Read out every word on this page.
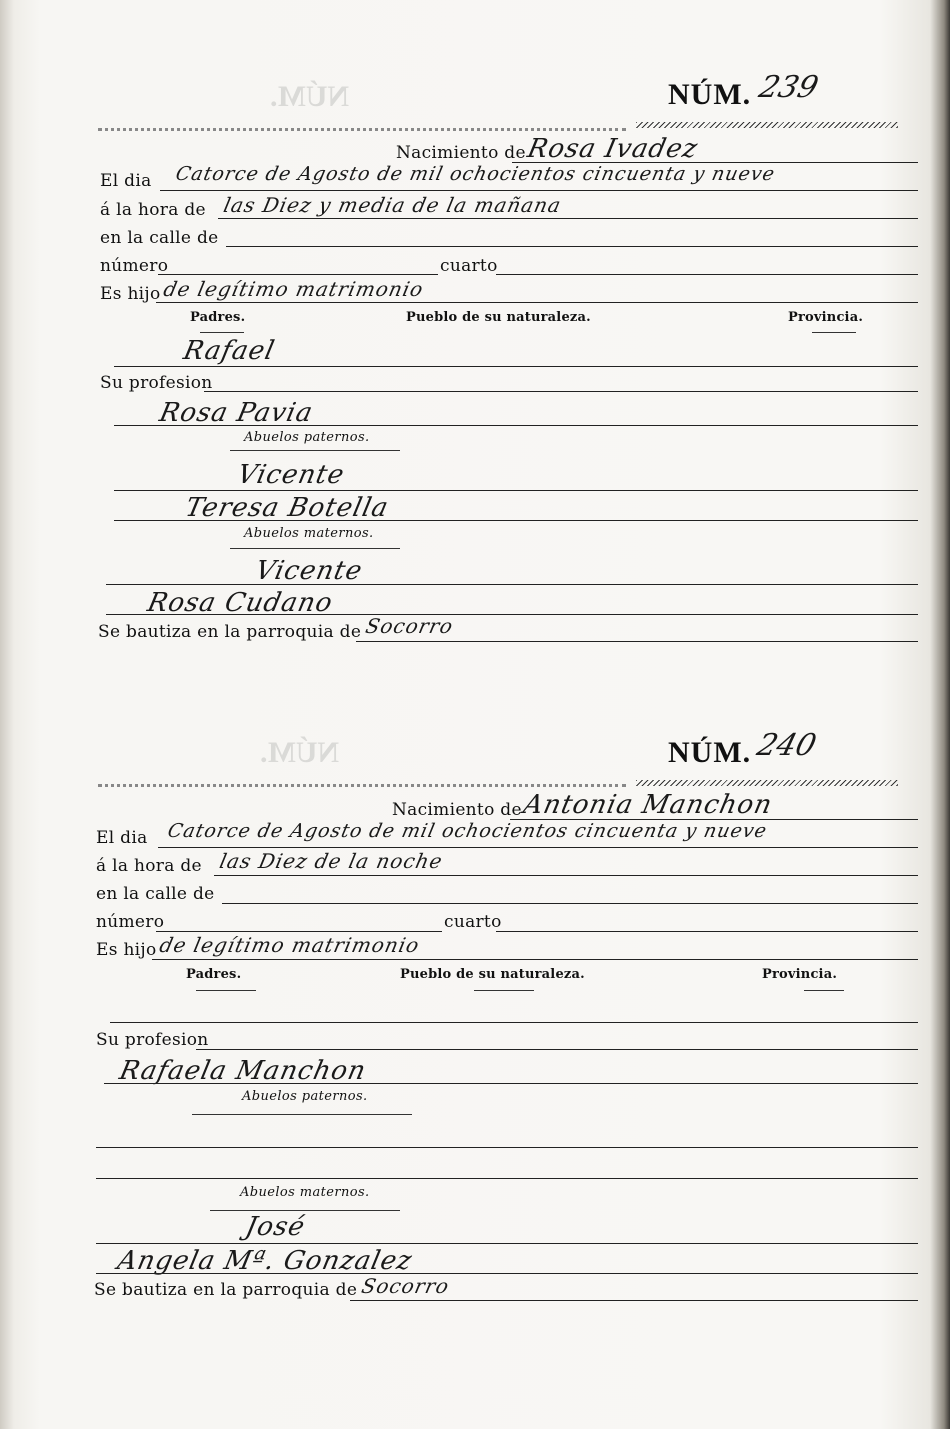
NÚM.
NÚM.
NÚM. 239
Nacimiento de
Rosa Ivadez
El dia Catorce de Agosto de mil ochocientos cincuenta y nueve
á la hora de las Diez y media de la mañana
en la calle de
número	cuarto
Es hijo de legítimo matrimonio
Padres.	Pueblo de su naturaleza.	Provincia.
Rafael
Su profesion
Rosa Pavia
Abuelos paternos.
Vicente
Teresa Botella
Abuelos maternos.
Vicente
Rosa Cudano
Se bautiza en la parroquia de Socorro
NÚM. 240
Nacimiento de
Antonia Manchon
El dia Catorce de Agosto de mil ochocientos cincuenta y nueve
á la hora de las Diez de la noche
en la calle de
número	cuarto
Es hijo de legítimo matrimonio
Padres.	Pueblo de su naturaleza.	Provincia.
Su profesion
Rafaela Manchon
Abuelos paternos.
Abuelos maternos.
José
Angela Mª. Gonzalez
Se bautiza en la parroquia de Socorro
